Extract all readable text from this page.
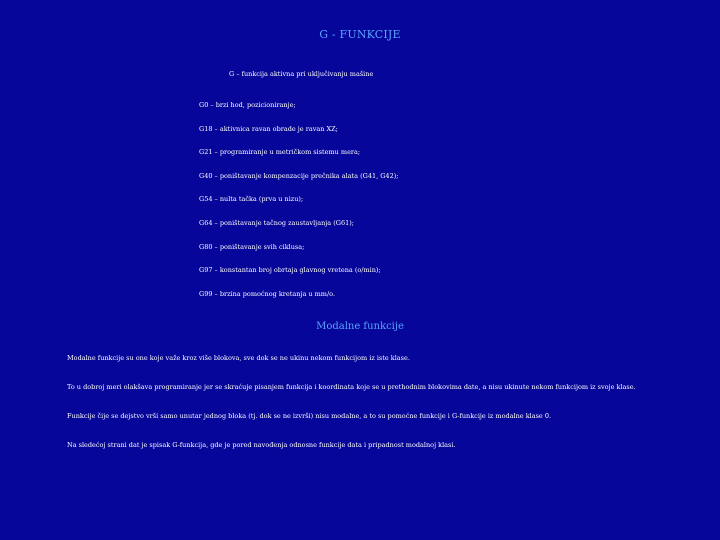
G - FUNKCIJE
G – funkcija aktivna pri uključivanju mašine
G0 – brzi hod, pozicioniranje;
G18 – aktivnica ravan obrade je ravan XZ;
G21 – programiranje u metričkom sistemu mera;
G40 – poništavanje kompenzacije prečnika alata (G41, G42);
G54 – nulta tačka (prva u nizu);
G64 – poništavanje tačnog zaustavljanja (G61);
G80 – poništavanje svih ciklusa;
G97 – konstantan broj obrtaja glavnog vretena (o/min);
G99 – brzina pomoćnog kretanja u mm/o.
Modalne funkcije

Modalne funkcije su one koje važe kroz više blokova, sve dok se ne ukinu nekom funkcijom iz iste klase.

To u dobroj meri olakšava programiranje jer se skraćuje pisanjem funkcija i koordinata koje se u prethodnim blokovima date, a nisu ukinute nekom funkcijom iz svoje klase.

Funkcije čije se dejstvo vrši samo unutar jednog bloka (tj. dok se ne izvrši) nisu modalne, a to su pomoćne funkcije i G-funkcije iz modalne klase 0.

Na sledećoj strani dat je spisak G-funkcija, gde je pored navođenja odnosne funkcije data i pripadnost modalnoj klasi.
